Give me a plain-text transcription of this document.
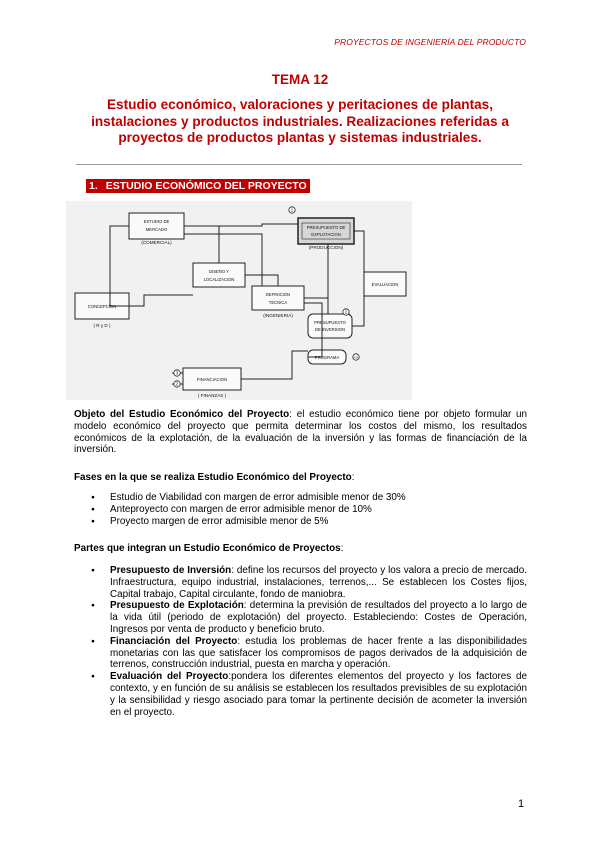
PROYECTOS DE INGENIERÍA DEL PRODUCTO
TEMA 12
Estudio económico, valoraciones y peritaciones de plantas,
instalaciones y productos industriales. Realizaciones referidas a
proyectos de productos plantas y sistemas industriales.
1. ESTUDIO ECONÓMICO DEL PROYECTO
ESTUDIO DE
MERCADO
(COMERCIAL)
CONCEPCION
( R y D )
DISEÑO Y
LOCALIZACION
DEFINICION
TECNICA
(INGENIERIA)
PRESUPUESTO DE
EXPLOTACION
(PRODUCCION)
EVALUACION
PRESUPUESTO
DE INVERSION
PROGRAMA
FINANCIACION
( FINANZAS )
1
2
3
2
+3
Objeto del Estudio Económico del Proyecto: el estudio económico tiene por objeto formular un modelo económico del proyecto que permita determinar los costos del mismo, los resultados económicos de la explotación, de la evaluación de la inversión y las formas de financiación de la inversión.
Fases en la que se realiza Estudio Económico del Proyecto:
● Estudio de Viabilidad con margen de error admisible menor de 30%
● Anteproyecto con margen de error admisible menor de 10%
● Proyecto margen de error admisible menor de 5%
Partes que integran un Estudio Económico de Proyectos:
● Presupuesto de Inversión: define los recursos del proyecto y los valora a precio de mercado. Infraestructura, equipo industrial, instalaciones, terrenos,... Se establecen los Costes fijos, Capital trabajo, Capital circulante, fondo de maniobra.
● Presupuesto de Explotación: determina la previsión de resultados del proyecto a lo largo de la vida útil (periodo de explotación) del proyecto. Estableciendo: Costes de Operación, Ingresos por venta de producto y beneficio bruto.
● Financiación del Proyecto: estudia los problemas de hacer frente a las disponibilidades monetarias con las que satisfacer los compromisos de pagos derivados de la adquisición de terrenos, construcción industrial, puesta en marcha y operación.
● Evaluación del Proyecto:pondera los diferentes elementos del proyecto y los factores de contexto, y en función de su análisis se establecen los resultados previsibles de su explotación y la sensibilidad y riesgo asociado para tomar la pertinente decisión de acometer la inversión en el proyecto.
1
